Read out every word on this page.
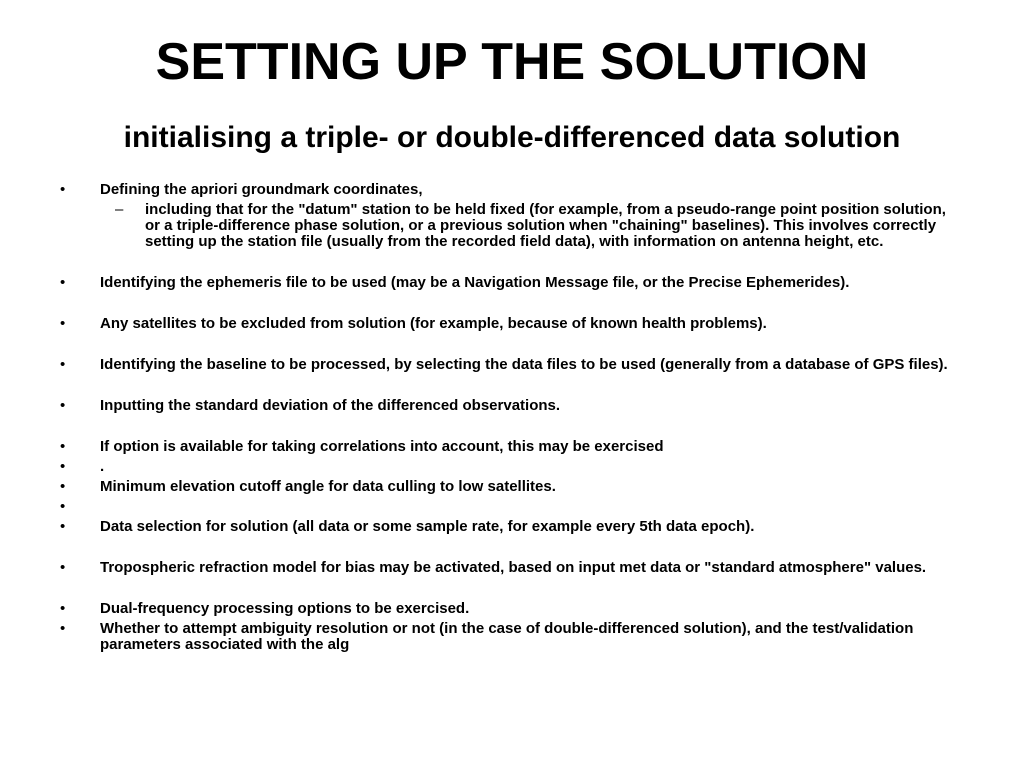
SETTING UP THE SOLUTION
initialising a triple- or double-differenced data solution
• Defining the apriori groundmark coordinates,
– including that for the "datum" station to be held fixed (for example, from a pseudo-range point position solution, or a triple-difference phase solution, or a previous solution when "chaining" baselines). This involves correctly setting up the station file (usually from the recorded field data), with information on antenna height, etc.
• Identifying the ephemeris file to be used (may be a Navigation Message file, or the Precise Ephemerides).
• Any satellites to be excluded from solution (for example, because of known health problems).
• Identifying the baseline to be processed, by selecting the data files to be used (generally from a database of GPS files).
• Inputting the standard deviation of the differenced observations.
• If option is available for taking correlations into account, this may be exercised
• .
• Minimum elevation cutoff angle for data culling to low satellites.
•
• Data selection for solution (all data or some sample rate, for example every 5th data epoch).
• Tropospheric refraction model for bias may be activated, based on input met data or "standard atmosphere" values.
• Dual-frequency processing options to be exercised.
• Whether to attempt ambiguity resolution or not (in the case of double-differenced solution), and the test/validation parameters associated with the alg
